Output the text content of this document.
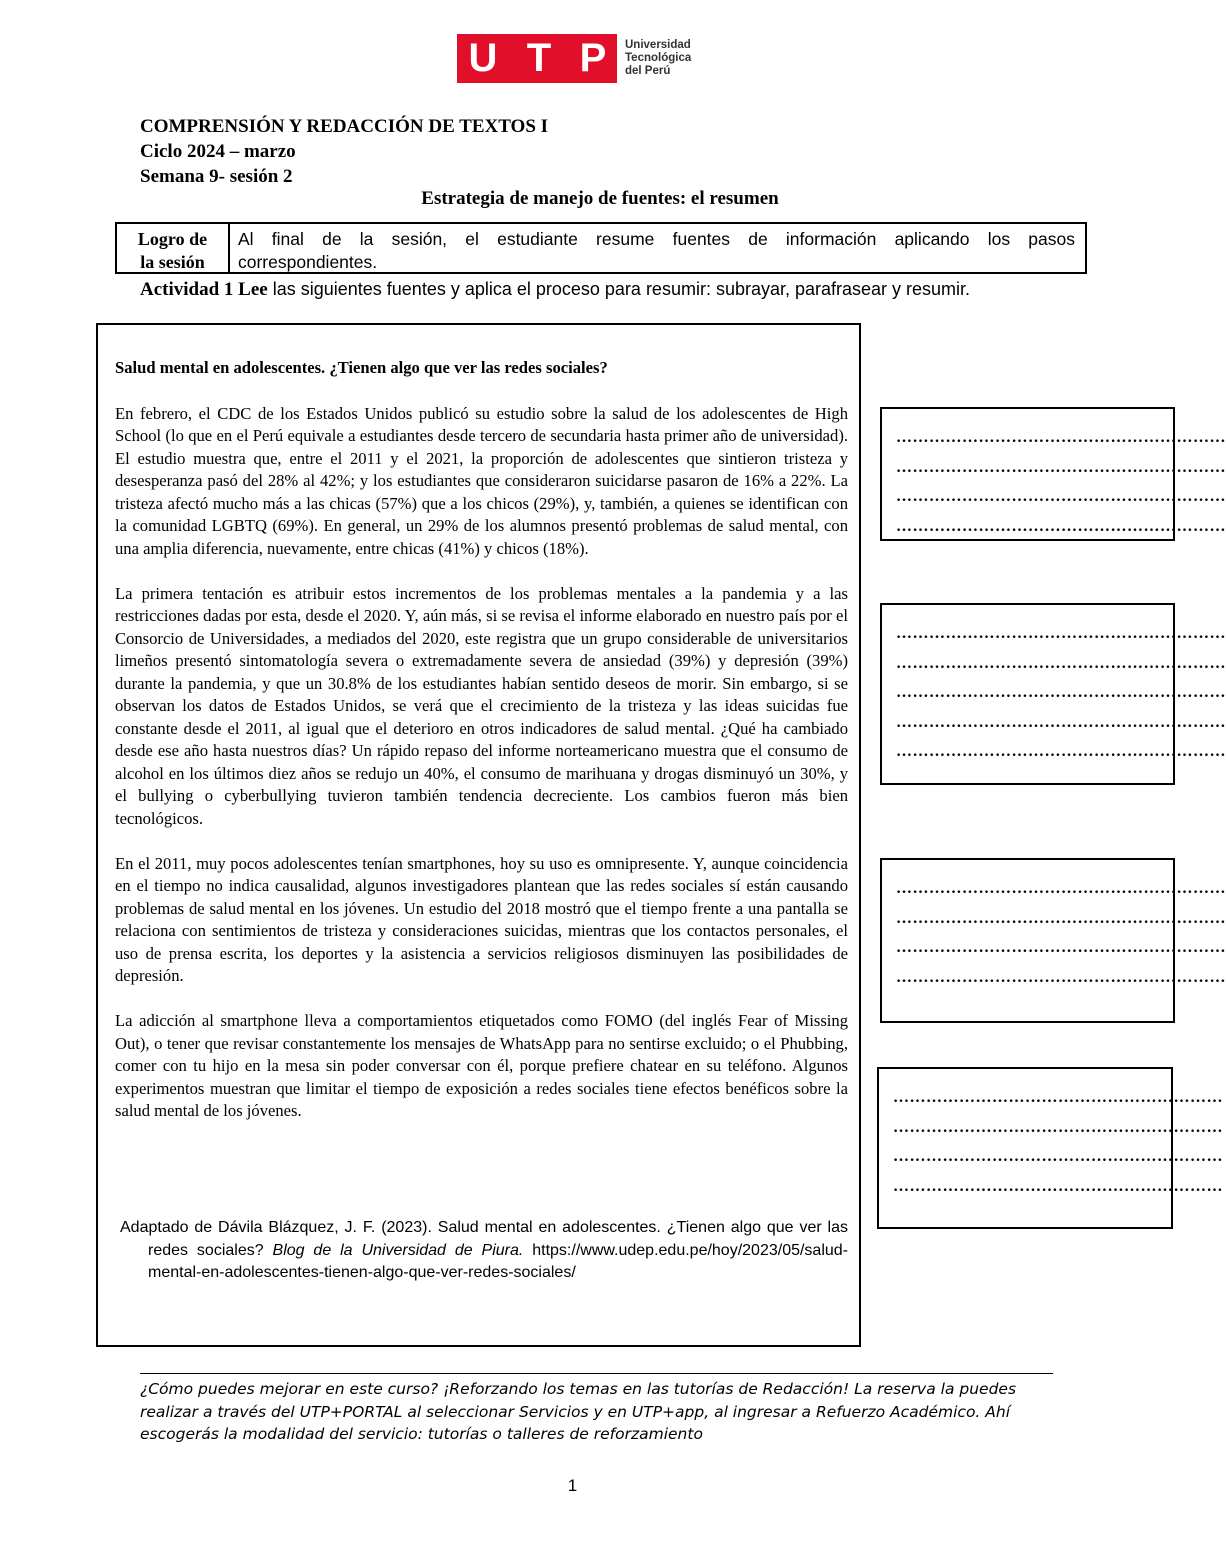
U T P	Universidad
Tecnológica
del Perú
COMPRENSIÓN Y REDACCIÓN DE TEXTOS I
Ciclo 2024 – marzo
Semana 9- sesión 2
Estrategia de manejo de fuentes: el resumen
Logro de
la sesión
Al final de la sesión, el estudiante resume fuentes de información aplicando los pasos
correspondientes.
Actividad 1 Lee las siguientes fuentes y aplica el proceso para resumir: subrayar, parafrasear y resumir.
Salud mental en adolescentes. ¿Tienen algo que ver las redes sociales?

En febrero, el CDC de los Estados Unidos publicó su estudio sobre la salud de los adolescentes de High School (lo que en el Perú equivale a estudiantes desde tercero de secundaria hasta primer año de universidad). El estudio muestra que, entre el 2011 y el 2021, la proporción de adolescentes que sintieron tristeza y desesperanza pasó del 28% al 42%; y los estudiantes que consideraron suicidarse pasaron de 16% a 22%. La tristeza afectó mucho más a las chicas (57%) que a los chicos (29%), y, también, a quienes se identifican con la comunidad LGBTQ (69%). En general, un 29% de los alumnos presentó problemas de salud mental, con una amplia diferencia, nuevamente, entre chicas (41%) y chicos (18%).

La primera tentación es atribuir estos incrementos de los problemas mentales a la pandemia y a las restricciones dadas por esta, desde el 2020. Y, aún más, si se revisa el informe elaborado en nuestro país por el Consorcio de Universidades, a mediados del 2020, este registra que un grupo considerable de universitarios limeños presentó sintomatología severa o extremadamente severa de ansiedad (39%) y depresión (39%) durante la pandemia, y que un 30.8% de los estudiantes habían sentido deseos de morir. Sin embargo, si se observan los datos de Estados Unidos, se verá que el crecimiento de la tristeza y las ideas suicidas fue constante desde el 2011, al igual que el deterioro en otros indicadores de salud mental. ¿Qué ha cambiado desde ese año hasta nuestros días? Un rápido repaso del informe norteamericano muestra que el consumo de alcohol en los últimos diez años se redujo un 40%, el consumo de marihuana y drogas disminuyó un 30%, y el bullying o cyberbullying tuvieron también tendencia decreciente. Los cambios fueron más bien tecnológicos.

En el 2011, muy pocos adolescentes tenían smartphones, hoy su uso es omnipresente. Y, aunque coincidencia en el tiempo no indica causalidad, algunos investigadores plantean que las redes sociales sí están causando problemas de salud mental en los jóvenes. Un estudio del 2018 mostró que el tiempo frente a una pantalla se relaciona con sentimientos de tristeza y consideraciones suicidas, mientras que los contactos personales, el uso de prensa escrita, los deportes y la asistencia a servicios religiosos disminuyen las posibilidades de depresión.

La adicción al smartphone lleva a comportamientos etiquetados como FOMO (del inglés Fear of Missing Out), o tener que revisar constantemente los mensajes de WhatsApp para no sentirse excluido; o el Phubbing, comer con tu hijo en la mesa sin poder conversar con él, porque prefiere chatear en su teléfono. Algunos experimentos muestran que limitar el tiempo de exposición a redes sociales tiene efectos benéficos sobre la salud mental de los jóvenes.

Adaptado de Dávila Blázquez, J. F. (2023). Salud mental en adolescentes. ¿Tienen algo que ver las redes sociales? Blog de la Universidad de Piura. https://www.udep.edu.pe/hoy/2023/05/salud-mental-en-adolescentes-tienen-algo-que-ver-redes-sociales/
……………………………………………………
……………………………………………………
……………………………………………………
……………………………………………………
……………………………………………………
……………………………………………………
……………………………………………………
……………………………………………………
……………………………………………………
……………………………………………………
……………………………………………………
……………………………………………………
……………………………………………………
……………………………………………………
……………………………………………………
……………………………………………………
……………………………………………………
¿Cómo puedes mejorar en este curso? ¡Reforzando los temas en las tutorías de Redacción! La reserva la puedes realizar a través del UTP+PORTAL al seleccionar Servicios y en UTP+app, al ingresar a Refuerzo Académico. Ahí escogerás la modalidad del servicio: tutorías o talleres de reforzamiento
1
